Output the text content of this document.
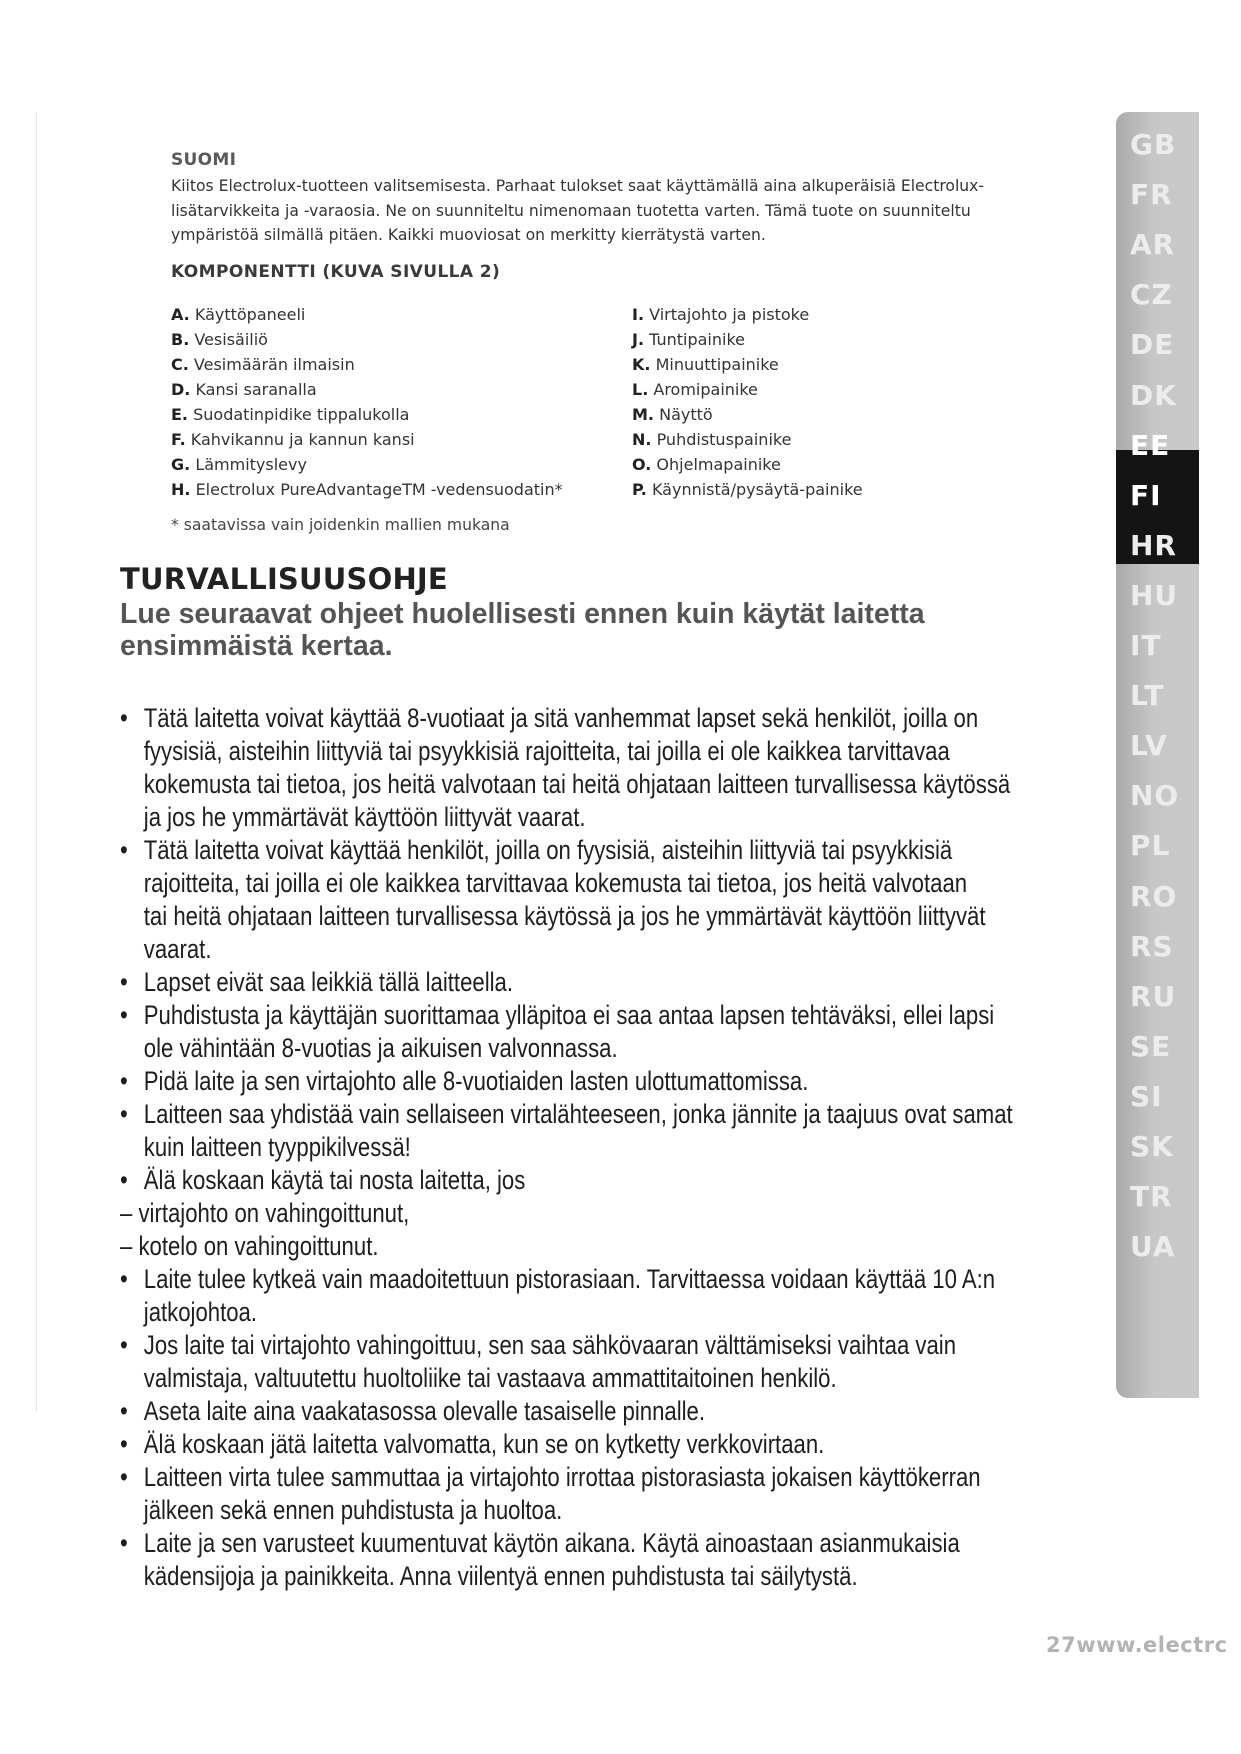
SUOMI

Kiitos Electrolux-tuotteen valitsemisesta. Parhaat tulokset saat käyttämällä aina alkuperäisiä Electrolux-
lisätarvikkeita ja -varaosia. Ne on suunniteltu nimenomaan tuotetta varten. Tämä tuote on suunniteltu
ympäristöä silmällä pitäen. Kaikki muoviosat on merkitty kierrätystä varten.

KOMPONENTTI (KUVA SIVULLA 2)
A. Käyttöpaneeli
B. Vesisäiliö
C. Vesimäärän ilmaisin
D. Kansi saranalla
E. Suodatinpidike tippalukolla
F. Kahvikannu ja kannun kansi
G. Lämmityslevy
H. Electrolux PureAdvantageTM -vedensuodatin*
I. Virtajohto ja pistoke
J. Tuntipainike
K. Minuuttipainike
L. Aromipainike
M. Näyttö
N. Puhdistuspainike
O. Ohjelmapainike
P. Käynnistä/pysäytä-painike
* saatavissa vain joidenkin mallien mukana
TURVALLISUUSOHJE
Lue seuraavat ohjeet huolellisesti ennen kuin käytät laitetta
ensimmäistä kertaa.
• Tätä laitetta voivat käyttää 8-vuotiaat ja sitä vanhemmat lapset sekä henkilöt, joilla on
fyysisiä, aisteihin liittyviä tai psyykkisiä rajoitteita, tai joilla ei ole kaikkea tarvittavaa
kokemusta tai tietoa, jos heitä valvotaan tai heitä ohjataan laitteen turvallisessa käytössä
ja jos he ymmärtävät käyttöön liittyvät vaarat.
• Tätä laitetta voivat käyttää henkilöt, joilla on fyysisiä, aisteihin liittyviä tai psyykkisiä
rajoitteita, tai joilla ei ole kaikkea tarvittavaa kokemusta tai tietoa, jos heitä valvotaan
tai heitä ohjataan laitteen turvallisessa käytössä ja jos he ymmärtävät käyttöön liittyvät
vaarat.
• Lapset eivät saa leikkiä tällä laitteella.
• Puhdistusta ja käyttäjän suorittamaa ylläpitoa ei saa antaa lapsen tehtäväksi, ellei lapsi
ole vähintään 8-vuotias ja aikuisen valvonnassa.
• Pidä laite ja sen virtajohto alle 8-vuotiaiden lasten ulottumattomissa.
• Laitteen saa yhdistää vain sellaiseen virtalähteeseen, jonka jännite ja taajuus ovat samat
kuin laitteen tyyppikilvessä!
• Älä koskaan käytä tai nosta laitetta, jos
– virtajohto on vahingoittunut,
– kotelo on vahingoittunut.
• Laite tulee kytkeä vain maadoitettuun pistorasiaan. Tarvittaessa voidaan käyttää 10 A:n
jatkojohtoa.
• Jos laite tai virtajohto vahingoittuu, sen saa sähkövaaran välttämiseksi vaihtaa vain
valmistaja, valtuutettu huoltoliike tai vastaava ammattitaitoinen henkilö.
• Aseta laite aina vaakatasossa olevalle tasaiselle pinnalle.
• Älä koskaan jätä laitetta valvomatta, kun se on kytketty verkkovirtaan.
• Laitteen virta tulee sammuttaa ja virtajohto irrottaa pistorasiasta jokaisen käyttökerran
jälkeen sekä ennen puhdistusta ja huoltoa.
• Laite ja sen varusteet kuumentuvat käytön aikana. Käytä ainoastaan asianmukaisia
kädensijoja ja painikkeita. Anna viilentyä ennen puhdistusta tai säilytystä.
GB
FR
AR
CZ
DE
DK
EE
FI
HR
HU
IT
LT
LV
NO
PL
RO
RS
RU
SE
SI
SK
TR
UA
27www.electrc
